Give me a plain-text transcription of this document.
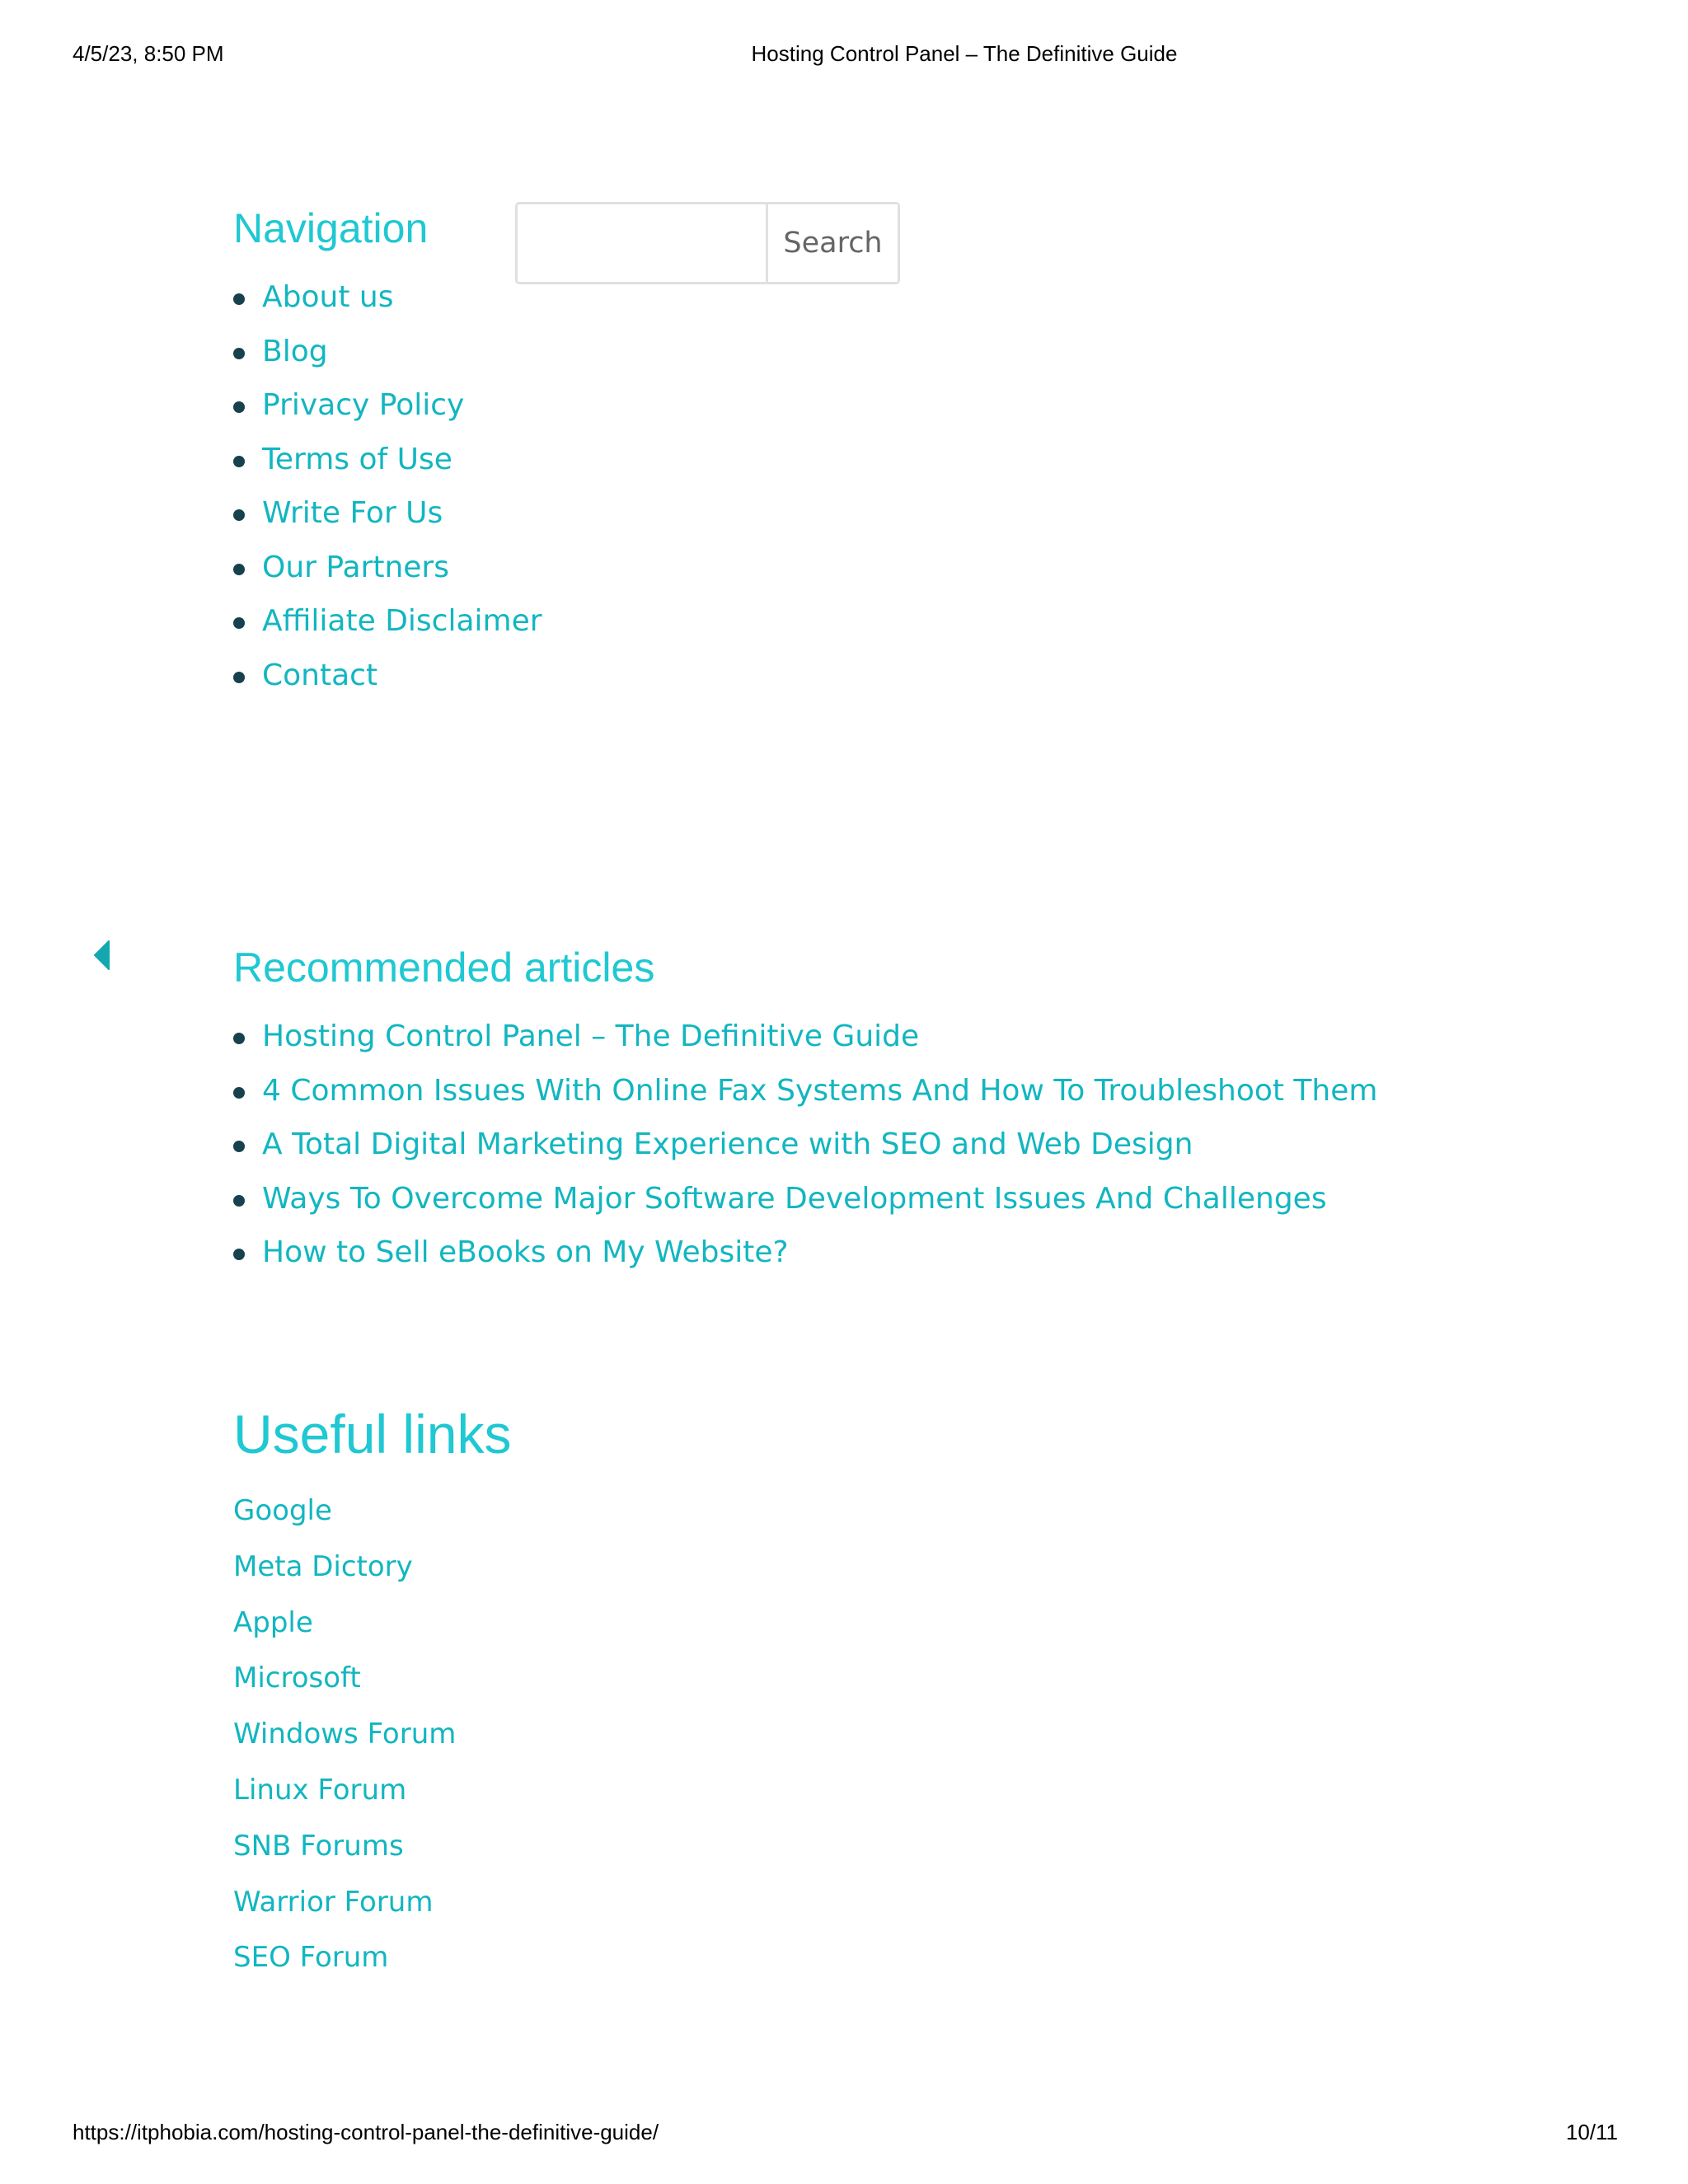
4/5/23, 8:50 PM	Hosting Control Panel – The Definitive Guide
Navigation
About us
Blog
Privacy Policy
Terms of Use
Write For Us
Our Partners
Affiliate Disclaimer
Contact
Search
Recommended articles
Hosting Control Panel – The Definitive Guide
4 Common Issues With Online Fax Systems And How To Troubleshoot Them
A Total Digital Marketing Experience with SEO and Web Design
Ways To Overcome Major Software Development Issues And Challenges
How to Sell eBooks on My Website?
Useful links
Google
Meta Dictory
Apple
Microsoft
Windows Forum
Linux Forum
SNB Forums
Warrior Forum
SEO Forum
https://itphobia.com/hosting-control-panel-the-definitive-guide/	10/11
